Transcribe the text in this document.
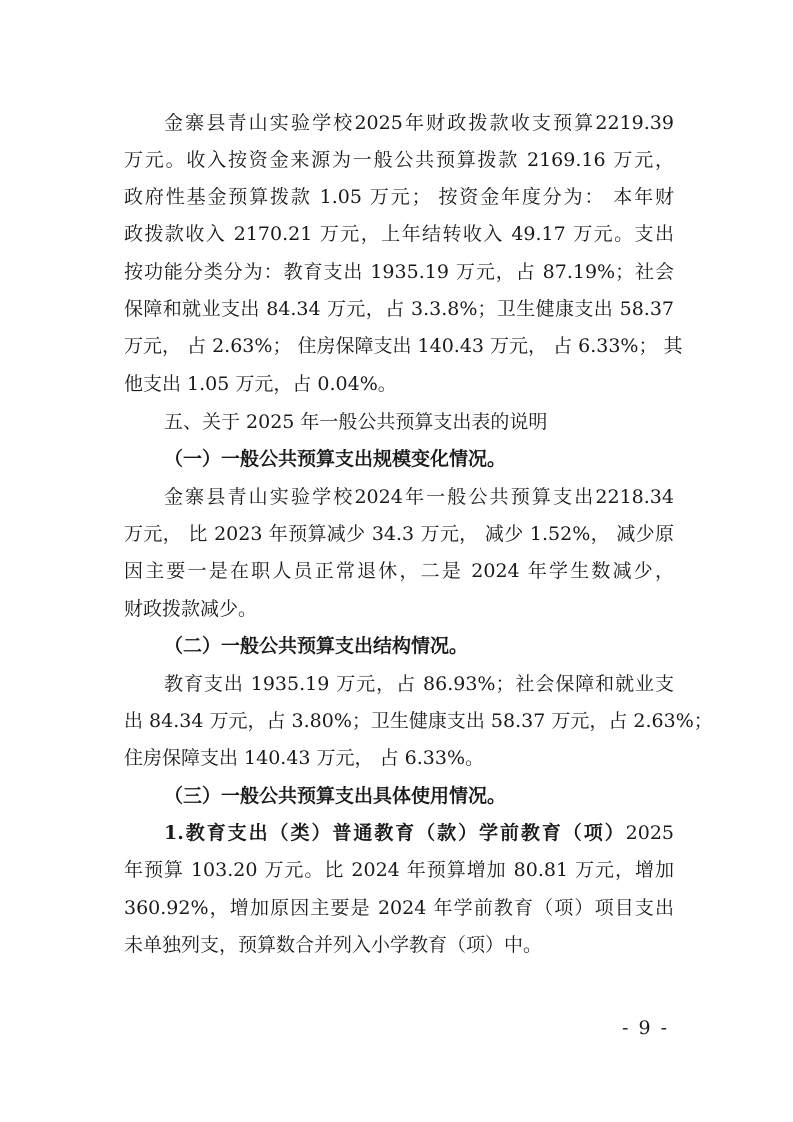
金寨县青山实验学校2025年财政拨款收支预算2219.39
万元。收入按资金来源为一般公共预算拨款 2169.16 万元，
政府性基金预算拨款 1.05 万元； 按资金年度分为： 本年财
政拨款收入 2170.21 万元，上年结转收入 49.17 万元。支出
按功能分类分为：教育支出 1935.19 万元，占 87.19%；社会
保障和就业支出 84.34 万元，占 3.3.8%；卫生健康支出 58.37
万元， 占 2.63%； 住房保障支出 140.43 万元， 占 6.33%； 其
他支出 1.05 万元，占 0.04%。
五、关于 2025 年一般公共预算支出表的说明
（一）一般公共预算支出规模变化情况。
金寨县青山实验学校2024年一般公共预算支出2218.34
万元， 比 2023 年预算减少 34.3 万元， 减少 1.52%， 减少原
因主要一是在职人员正常退休，二是 2024 年学生数减少，
财政拨款减少。
（二）一般公共预算支出结构情况。
教育支出 1935.19 万元，占 86.93%；社会保障和就业支
出 84.34 万元，占 3.80%；卫生健康支出 58.37 万元，占 2.63%；
住房保障支出 140.43 万元， 占 6.33%。
（三）一般公共预算支出具体使用情况。
1.教育支出（类）普通教育（款）学前教育（项）2025
年预算 103.20 万元。比 2024 年预算增加 80.81 万元，增加
360.92%，增加原因主要是 2024 年学前教育（项）项目支出
未单独列支，预算数合并列入小学教育（项）中。
- 9 -
